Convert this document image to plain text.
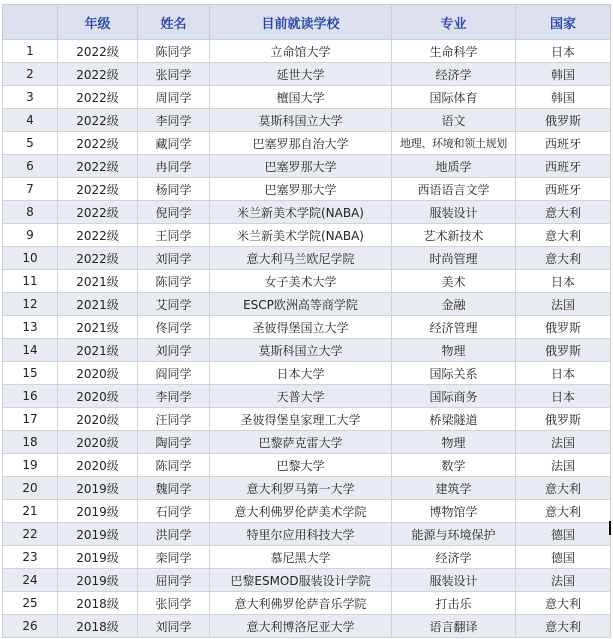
	年级	姓名	目前就读学校	专业	国家
1	2022级	陈同学	立命馆大学	生命科学	日本
2	2022级	张同学	延世大学	经济学	韩国
3	2022级	周同学	檀国大学	国际体育	韩国
4	2022级	李同学	莫斯科国立大学	语文	俄罗斯
5	2022级	藏同学	巴塞罗那自治大学	地理、环境和领土规划	西班牙
6	2022级	冉同学	巴塞罗那大学	地质学	西班牙
7	2022级	杨同学	巴塞罗那大学	西语语言文学	西班牙
8	2022级	倪同学	米兰新美术学院(NABA)	服装设计	意大利
9	2022级	王同学	米兰新美术学院(NABA)	艺术新技术	意大利
10	2022级	刘同学	意大利马兰欧尼学院	时尚管理	意大利
11	2021级	陈同学	女子美术大学	美术	日本
12	2021级	艾同学	ESCP欧洲高等商学院	金融	法国
13	2021级	佟同学	圣彼得堡国立大学	经济管理	俄罗斯
14	2021级	刘同学	莫斯科国立大学	物理	俄罗斯
15	2020级	阎同学	日本大学	国际关系	日本
16	2020级	李同学	天普大学	国际商务	日本
17	2020级	汪同学	圣彼得堡皇家理工大学	桥梁隧道	俄罗斯
18	2020级	陶同学	巴黎萨克雷大学	物理	法国
19	2020级	陈同学	巴黎大学	数学	法国
20	2019级	魏同学	意大利罗马第一大学	建筑学	意大利
21	2019级	石同学	意大利佛罗伦萨美术学院	博物馆学	意大利
22	2019级	洪同学	特里尔应用科技大学	能源与环境保护	德国
23	2019级	栾同学	慕尼黑大学	经济学	德国
24	2019级	屈同学	巴黎ESMOD服装设计学院	服装设计	法国
25	2018级	张同学	意大利佛罗伦萨音乐学院	打击乐	意大利
26	2018级	刘同学	意大利博洛尼亚大学	语言翻译	意大利
